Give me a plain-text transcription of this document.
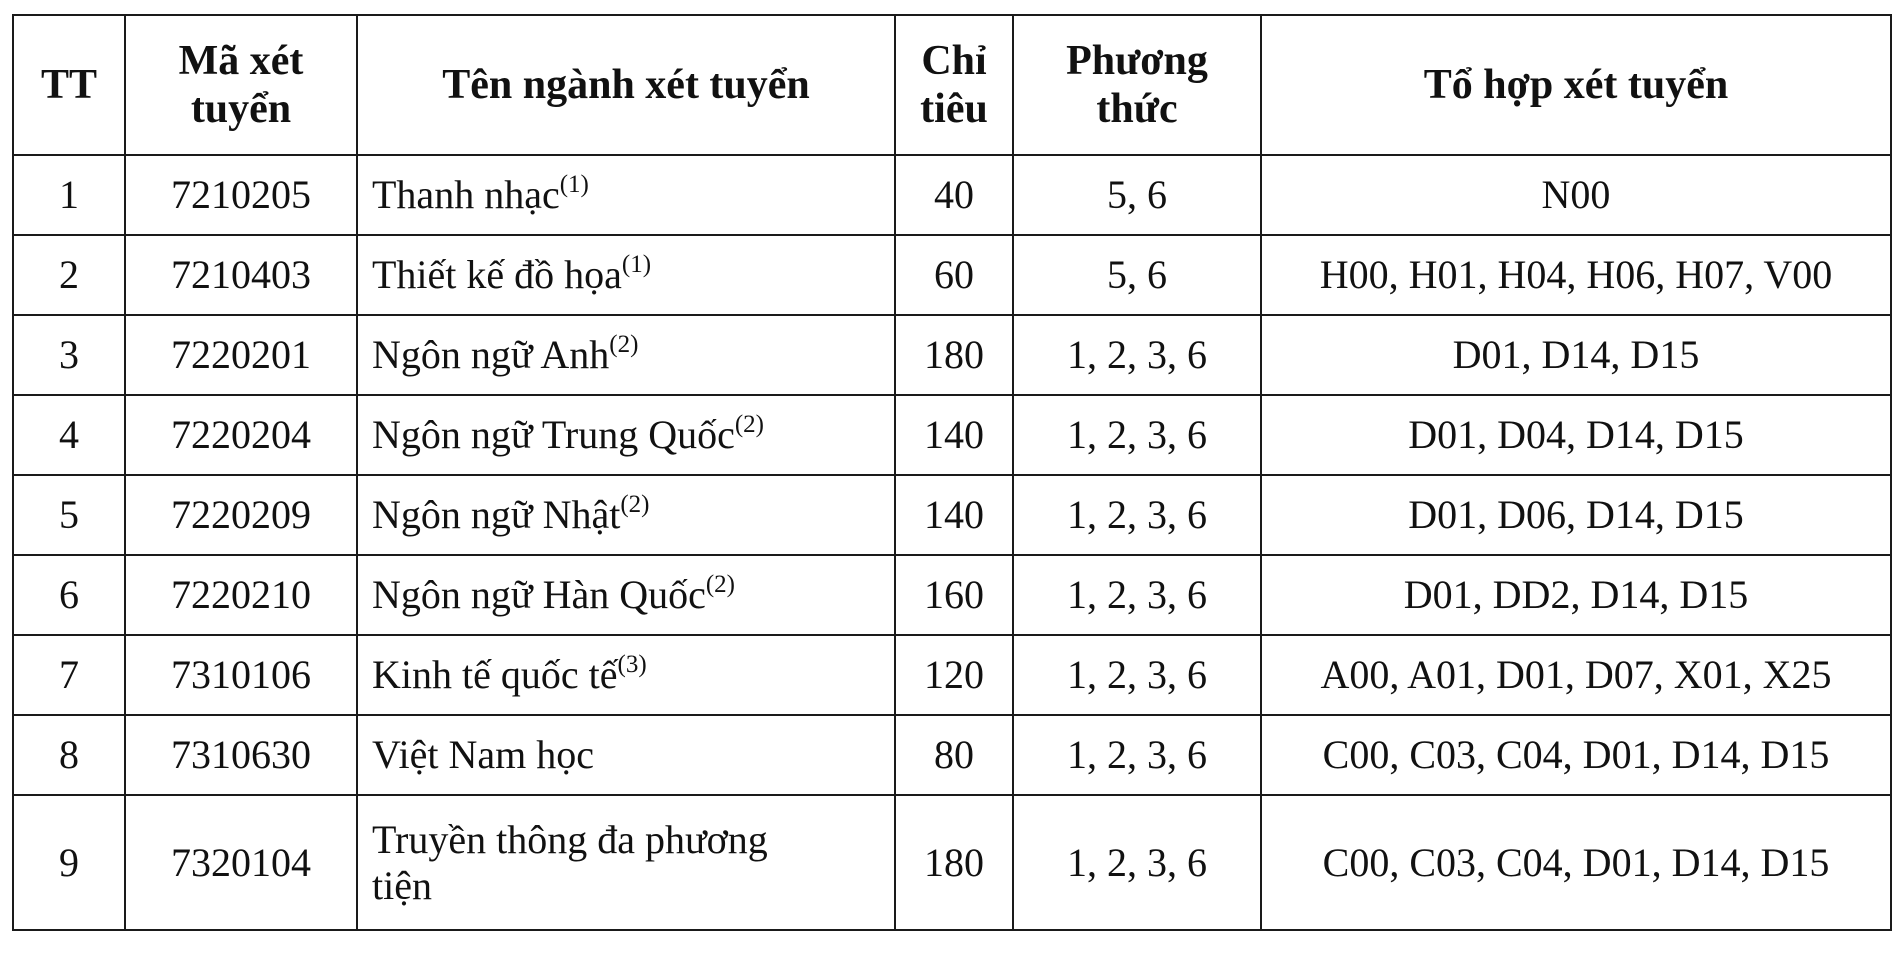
TT	Mã xét tuyển	Tên ngành xét tuyển	Chỉ tiêu	Phương thức	Tổ hợp xét tuyển
1	7210205	Thanh nhạc$^{(1)}$	40	5, 6	N00
2	7210403	Thiết kế đồ họa$^{(1)}$	60	5, 6	H00, H01, H04, H06, H07, V00
3	7220201	Ngôn ngữ Anh$^{(2)}$	180	1, 2, 3, 6	D01, D14, D15
4	7220204	Ngôn ngữ Trung Quốc$^{(2)}$	140	1, 2, 3, 6	D01, D04, D14, D15
5	7220209	Ngôn ngữ Nhật$^{(2)}$	140	1, 2, 3, 6	D01, D06, D14, D15
6	7220210	Ngôn ngữ Hàn Quốc$^{(2)}$	160	1, 2, 3, 6	D01, DD2, D14, D15
7	7310106	Kinh tế quốc tế$^{(3)}$	120	1, 2, 3, 6	A00, A01, D01, D07, X01, X25
8	7310630	Việt Nam học	80	1, 2, 3, 6	C00, C03, C04, D01, D14, D15
9	7320104	Truyền thông đa phương tiện	180	1, 2, 3, 6	C00, C03, C04, D01, D14, D15
